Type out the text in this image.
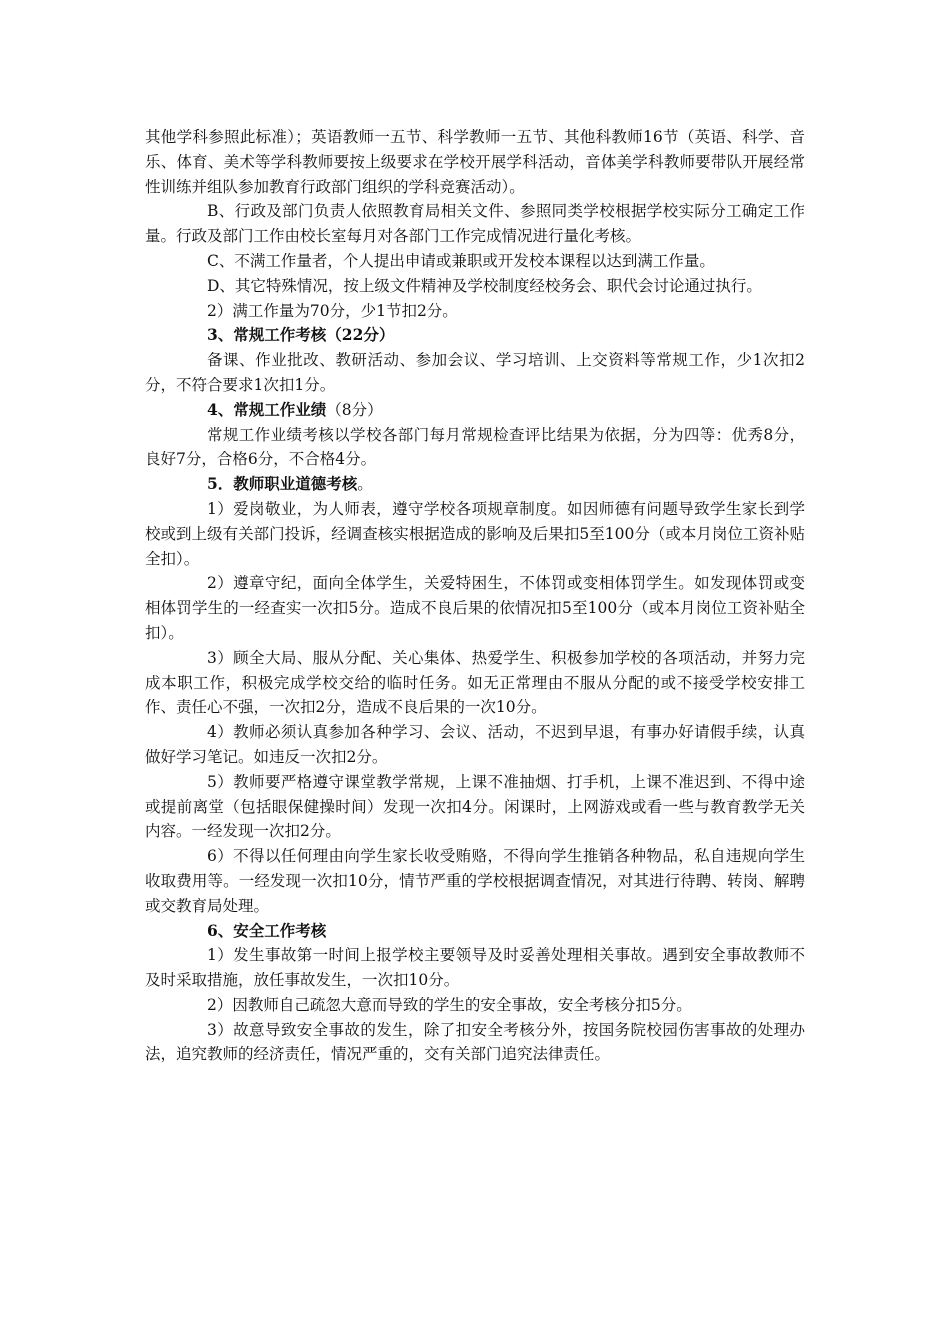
其他学科参照此标准）；英语教师一五节、科学教师一五节、其他科教师16节（英语、科学、音乐、体育、美术等学科教师要按上级要求在学校开展学科活动，音体美学科教师要带队开展经常性训练并组队参加教育行政部门组织的学科竞赛活动）。

B、行政及部门负责人依照教育局相关文件、参照同类学校根据学校实际分工确定工作量。行政及部门工作由校长室每月对各部门工作完成情况进行量化考核。

C、不满工作量者，个人提出申请或兼职或开发校本课程以达到满工作量。

D、其它特殊情况，按上级文件精神及学校制度经校务会、职代会讨论通过执行。

2）满工作量为70分，少1节扣2分。

3、常规工作考核（22分）

备课、作业批改、教研活动、参加会议、学习培训、上交资料等常规工作，少1次扣2分，不符合要求1次扣1分。

4、常规工作业绩（8分）

常规工作业绩考核以学校各部门每月常规检查评比结果为依据，分为四等：优秀8分，良好7分，合格6分，不合格4分。

5．教师职业道德考核。

1）爱岗敬业，为人师表，遵守学校各项规章制度。如因师德有问题导致学生家长到学校或到上级有关部门投诉，经调查核实根据造成的影响及后果扣5至100分（或本月岗位工资补贴全扣）。

2）遵章守纪，面向全体学生，关爱特困生，不体罚或变相体罚学生。如发现体罚或变相体罚学生的一经查实一次扣5分。造成不良后果的依情况扣5至100分（或本月岗位工资补贴全扣）。

3）顾全大局、服从分配、关心集体、热爱学生、积极参加学校的各项活动，并努力完成本职工作，积极完成学校交给的临时任务。如无正常理由不服从分配的或不接受学校安排工作、责任心不强，一次扣2分，造成不良后果的一次10分。

4）教师必须认真参加各种学习、会议、活动，不迟到早退，有事办好请假手续，认真做好学习笔记。如违反一次扣2分。

5）教师要严格遵守课堂教学常规，上课不准抽烟、打手机，上课不准迟到、不得中途或提前离堂（包括眼保健操时间）发现一次扣4分。闲课时，上网游戏或看一些与教育教学无关内容。一经发现一次扣2分。

6）不得以任何理由向学生家长收受贿赂，不得向学生推销各种物品，私自违规向学生收取费用等。一经发现一次扣10分，情节严重的学校根据调查情况，对其进行待聘、转岗、解聘或交教育局处理。

6、安全工作考核

1）发生事故第一时间上报学校主要领导及时妥善处理相关事故。遇到安全事故教师不及时采取措施，放任事故发生，一次扣10分。

2）因教师自己疏忽大意而导致的学生的安全事故，安全考核分扣5分。

3）故意导致安全事故的发生，除了扣安全考核分外，按国务院校园伤害事故的处理办法，追究教师的经济责任，情况严重的，交有关部门追究法律责任。
